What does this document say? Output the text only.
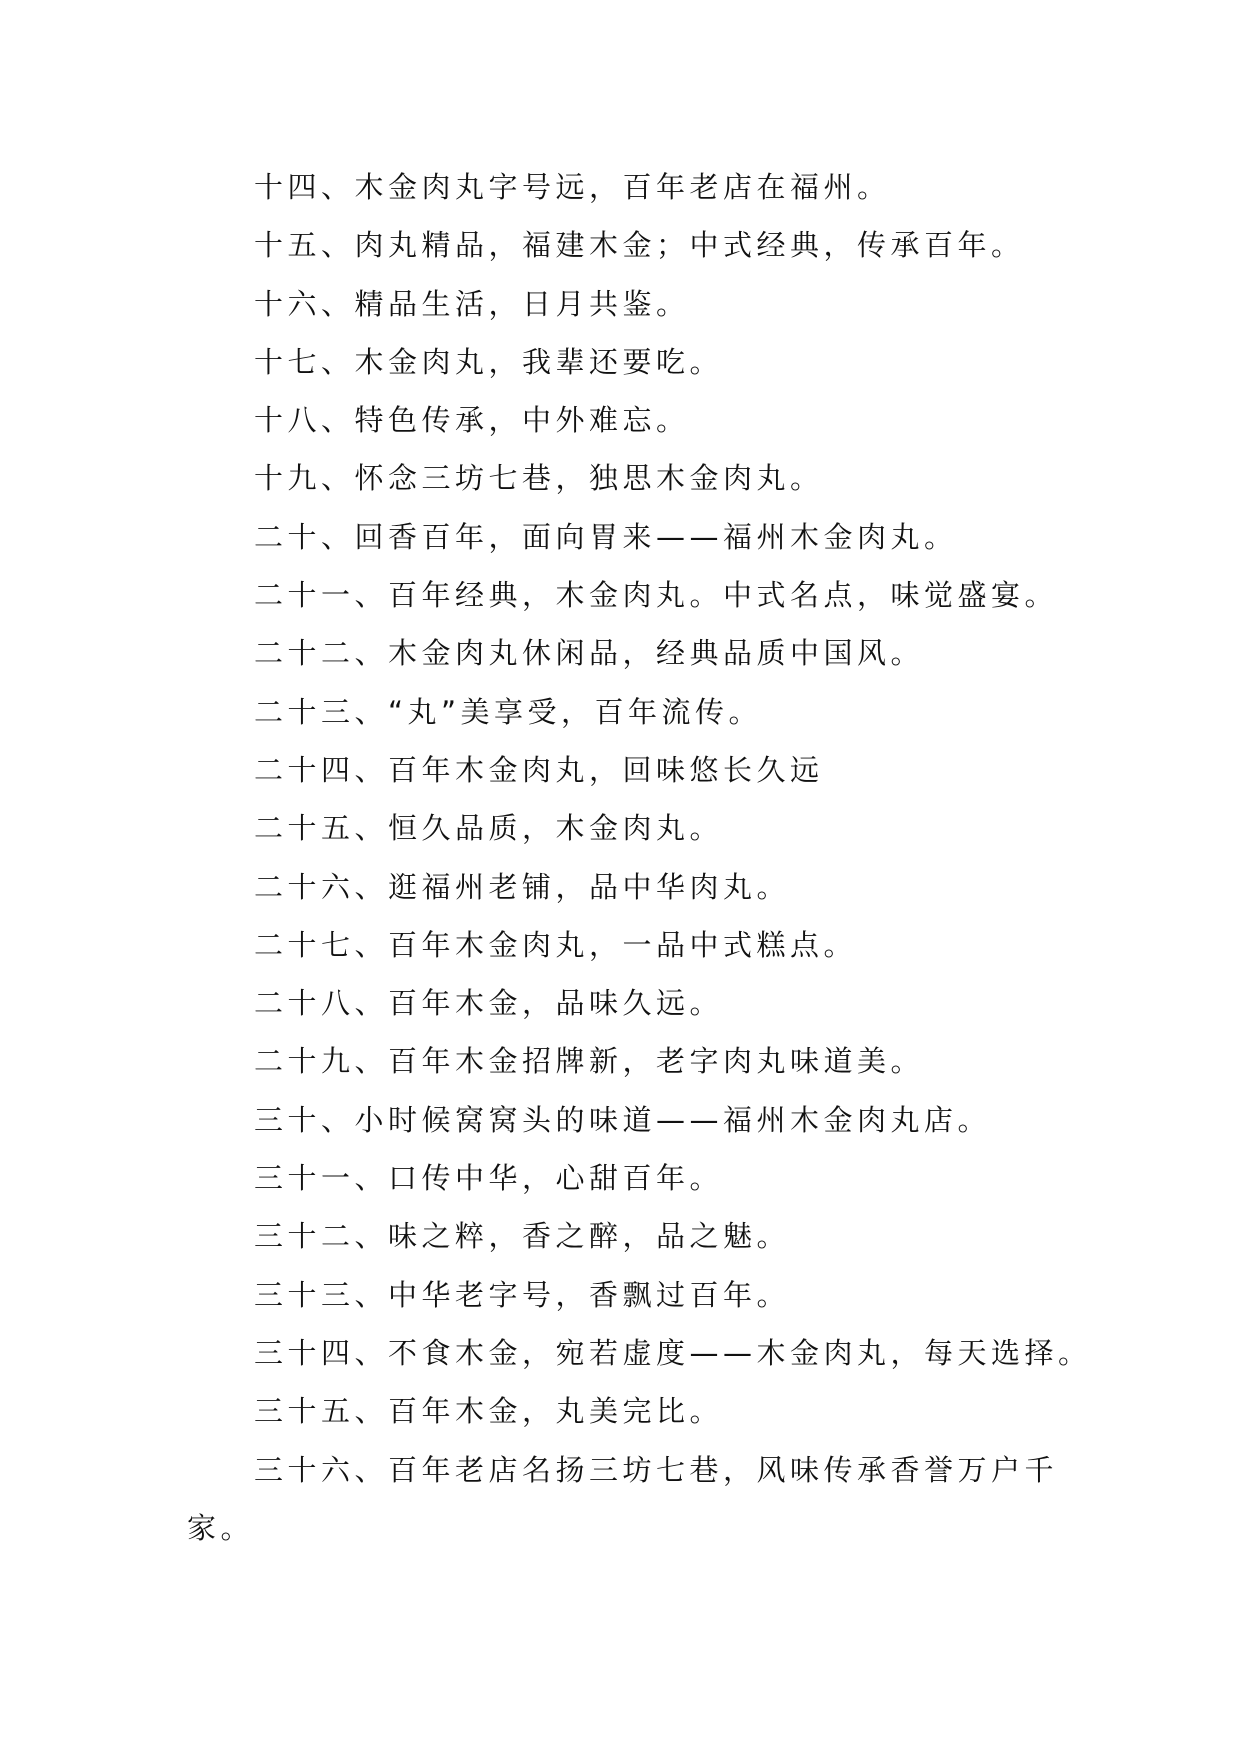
十四、木金肉丸字号远，百年老店在福州。
十五、肉丸精品，福建木金；中式经典，传承百年。
十六、精品生活，日月共鉴。
十七、木金肉丸，我辈还要吃。
十八、特色传承，中外难忘。
十九、怀念三坊七巷，独思木金肉丸。
二十、回香百年，面向胃来——福州木金肉丸。
二十一、百年经典，木金肉丸。中式名点，味觉盛宴。
二十二、木金肉丸休闲品，经典品质中国风。
二十三、“丸”美享受，百年流传。
二十四、百年木金肉丸，回味悠长久远
二十五、恒久品质，木金肉丸。
二十六、逛福州老铺，品中华肉丸。
二十七、百年木金肉丸，一品中式糕点。
二十八、百年木金，品味久远。
二十九、百年木金招牌新，老字肉丸味道美。
三十、小时候窝窝头的味道——福州木金肉丸店。
三十一、口传中华，心甜百年。
三十二、味之粹，香之醉，品之魅。
三十三、中华老字号，香飘过百年。
三十四、不食木金，宛若虚度——木金肉丸，每天选择。
三十五、百年木金，丸美完比。
三十六、百年老店名扬三坊七巷，风味传承香誉万户千
家。
